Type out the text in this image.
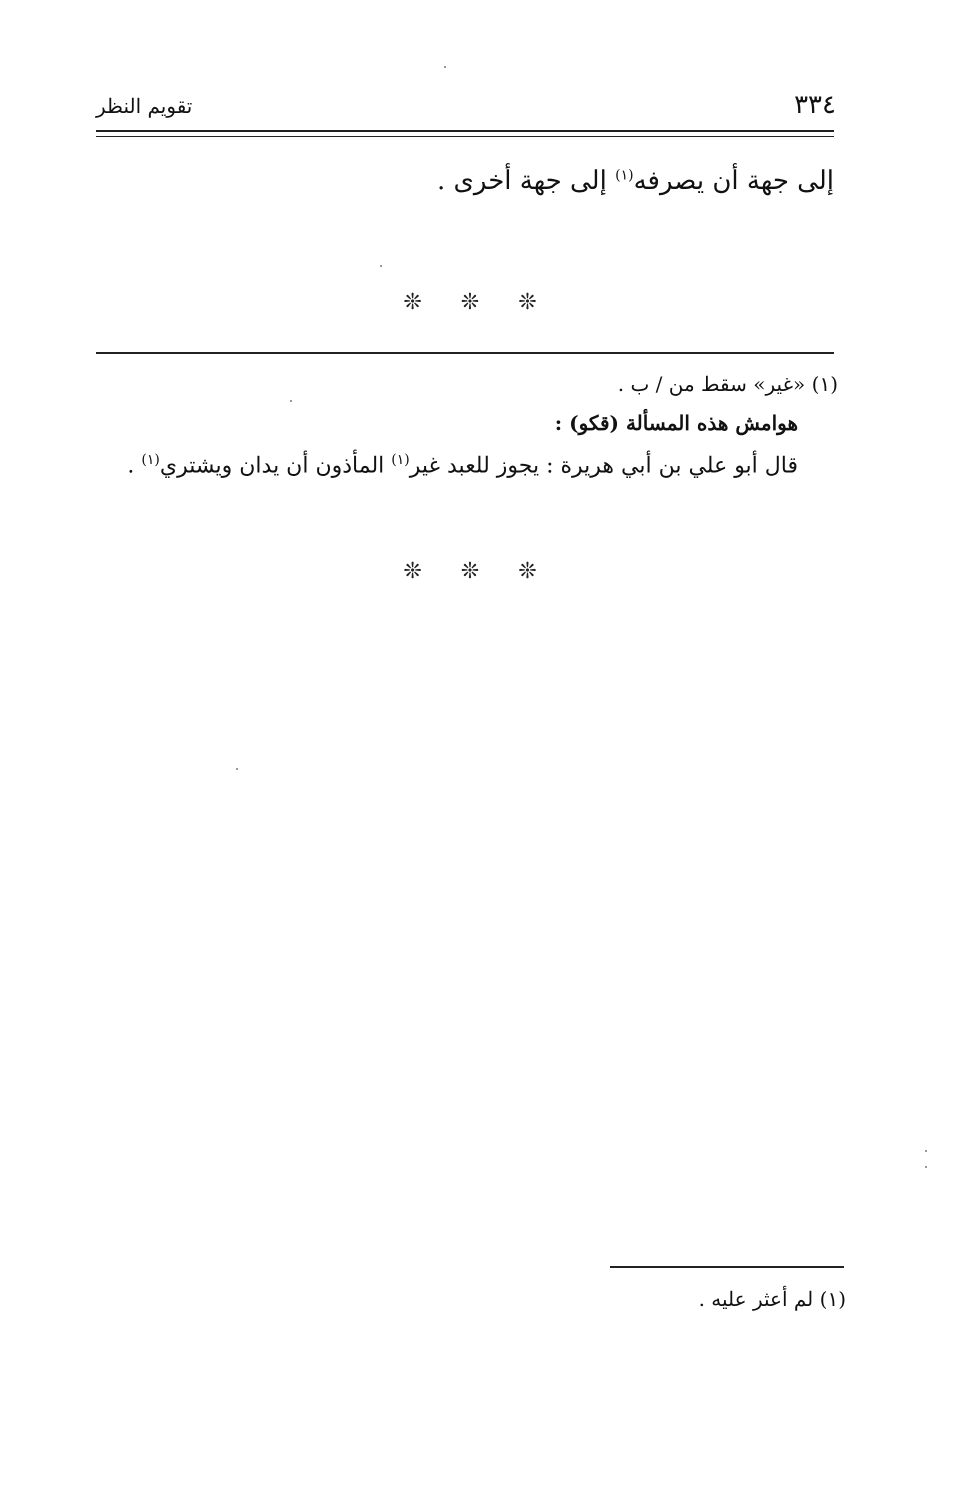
٣٣٤
تقويم النظر
إلى جهة أن يصرفه$^{(١)}$ إلى جهة أخرى .
❊ ❊ ❊
(١) «غير» سقط من / ب .
هوامش هذه المسألة (قكو) :
قال أبو علي بن أبي هريرة : يجوز للعبد غير$^{(١)}$ المأذون أن يدان ويشتري$^{(١)}$ .
❊ ❊ ❊
(١) لم أعثر عليه .
